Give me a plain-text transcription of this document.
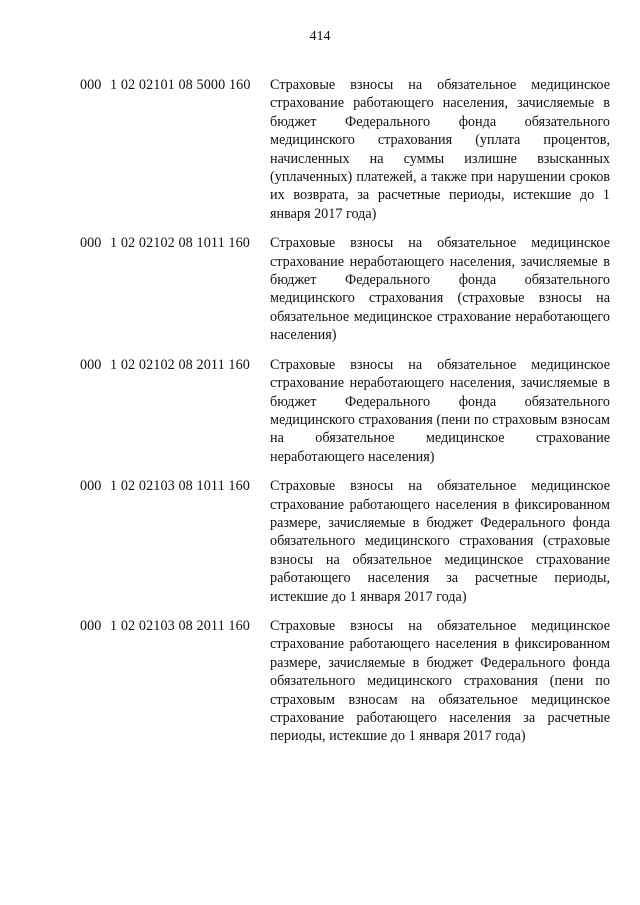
414
000 1 02 02101 08 5000 160	Страховые взносы на обязательное медицинское страхование работающего населения, зачисляемые в бюджет Федерального фонда обязательного медицинского страхования (уплата процентов, начисленных на суммы излишне взысканных (уплаченных) платежей, а также при нарушении сроков их возврата, за расчетные периоды, истекшие до 1 января 2017 года)
000 1 02 02102 08 1011 160	Страховые взносы на обязательное медицинское страхование неработающего населения, зачисляемые в бюджет Федерального фонда обязательного медицинского страхования (страховые взносы на обязательное медицинское страхование неработающего населения)
000 1 02 02102 08 2011 160	Страховые взносы на обязательное медицинское страхование неработающего населения, зачисляемые в бюджет Федерального фонда обязательного медицинского страхования (пени по страховым взносам на обязательное медицинское страхование неработающего населения)
000 1 02 02103 08 1011 160	Страховые взносы на обязательное медицинское страхование работающего населения в фиксированном размере, зачисляемые в бюджет Федерального фонда обязательного медицинского страхования (страховые взносы на обязательное медицинское страхование работающего населения за расчетные периоды, истекшие до 1 января 2017 года)
000 1 02 02103 08 2011 160	Страховые взносы на обязательное медицинское страхование работающего населения в фиксированном размере, зачисляемые в бюджет Федерального фонда обязательного медицинского страхования (пени по страховым взносам на обязательное медицинское страхование работающего населения за расчетные периоды, истекшие до 1 января 2017 года)
